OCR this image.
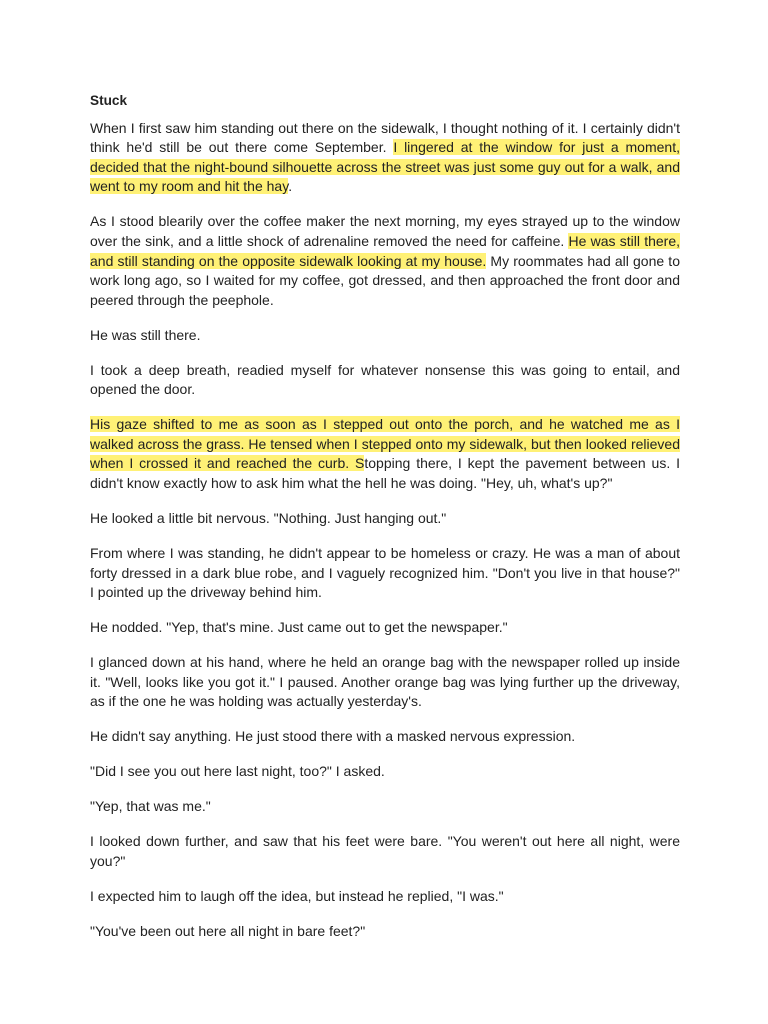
Stuck

When I first saw him standing out there on the sidewalk, I thought nothing of it. I certainly didn't think he'd still be out there come September. I lingered at the window for just a moment, decided that the night-bound silhouette across the street was just some guy out for a walk, and went to my room and hit the hay.

As I stood blearily over the coffee maker the next morning, my eyes strayed up to the window over the sink, and a little shock of adrenaline removed the need for caffeine. He was still there, and still standing on the opposite sidewalk looking at my house. My roommates had all gone to work long ago, so I waited for my coffee, got dressed, and then approached the front door and peered through the peephole.

He was still there.

I took a deep breath, readied myself for whatever nonsense this was going to entail, and opened the door.

His gaze shifted to me as soon as I stepped out onto the porch, and he watched me as I walked across the grass. He tensed when I stepped onto my sidewalk, but then looked relieved when I crossed it and reached the curb. Stopping there, I kept the pavement between us. I didn't know exactly how to ask him what the hell he was doing. "Hey, uh, what's up?"

He looked a little bit nervous. "Nothing. Just hanging out."

From where I was standing, he didn't appear to be homeless or crazy. He was a man of about forty dressed in a dark blue robe, and I vaguely recognized him. "Don't you live in that house?" I pointed up the driveway behind him.

He nodded. "Yep, that's mine. Just came out to get the newspaper."

I glanced down at his hand, where he held an orange bag with the newspaper rolled up inside it. "Well, looks like you got it." I paused. Another orange bag was lying further up the driveway, as if the one he was holding was actually yesterday's.

He didn't say anything. He just stood there with a masked nervous expression.

"Did I see you out here last night, too?" I asked.

"Yep, that was me."

I looked down further, and saw that his feet were bare. "You weren't out here all night, were you?"

I expected him to laugh off the idea, but instead he replied, "I was."

"You've been out here all night in bare feet?"
